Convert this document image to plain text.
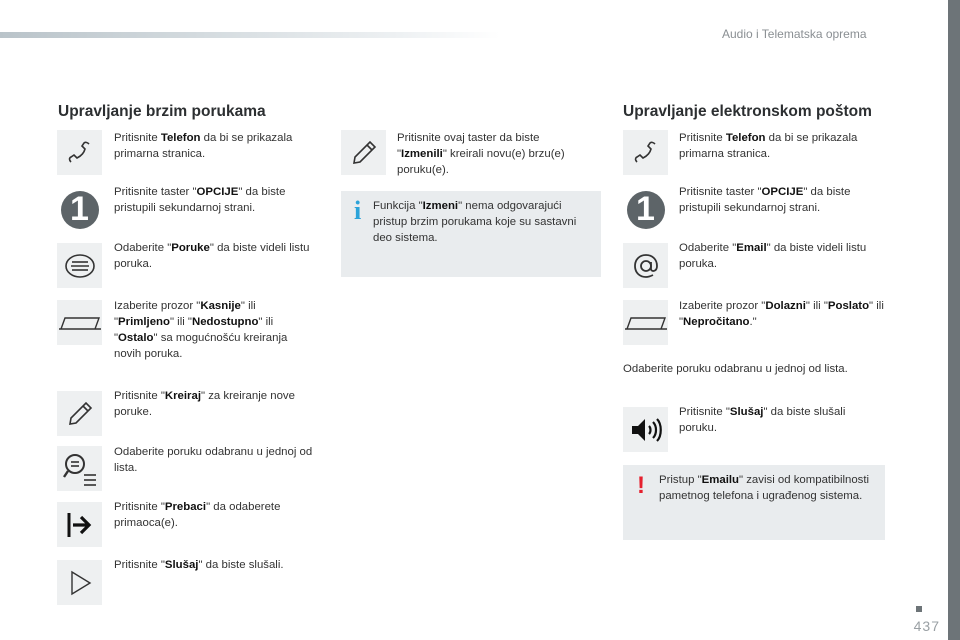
Audio i Telematska oprema
437
Upravljanje brzim porukama
Pritisnite Telefon da bi se prikazala primarna stranica.
1 Pritisnite taster "OPCIJE" da biste pristupili sekundarnoj strani.
Odaberite "Poruke" da biste videli listu poruka.
Izaberite prozor "Kasnije" ili "Primljeno" ili "Nedostupno" ili "Ostalo" sa mogućnošću kreiranja novih poruka.
Pritisnite "Kreiraj" za kreiranje nove poruke.
Odaberite poruku odabranu u jednoj od lista.
Pritisnite "Prebaci" da odaberete primaoca(e).
Pritisnite "Slušaj" da biste slušali.
Pritisnite ovaj taster da biste "Izmenili" kreirali novu(e) brzu(e) poruku(e).
i Funkcija "Izmeni" nema odgovarajući pristup brzim porukama koje su sastavni deo sistema.
Upravljanje elektronskom poštom
Pritisnite Telefon da bi se prikazala primarna stranica.
1 Pritisnite taster "OPCIJE" da biste pristupili sekundarnoj strani.
Odaberite "Email" da biste videli listu poruka.
Izaberite prozor "Dolazni" ili "Poslato" ili "Nepročitano."
Odaberite poruku odabranu u jednoj od lista.
Pritisnite "Slušaj" da biste slušali poruku.
! Pristup "Emailu" zavisi od kompatibilnosti pametnog telefona i ugrađenog sistema.
